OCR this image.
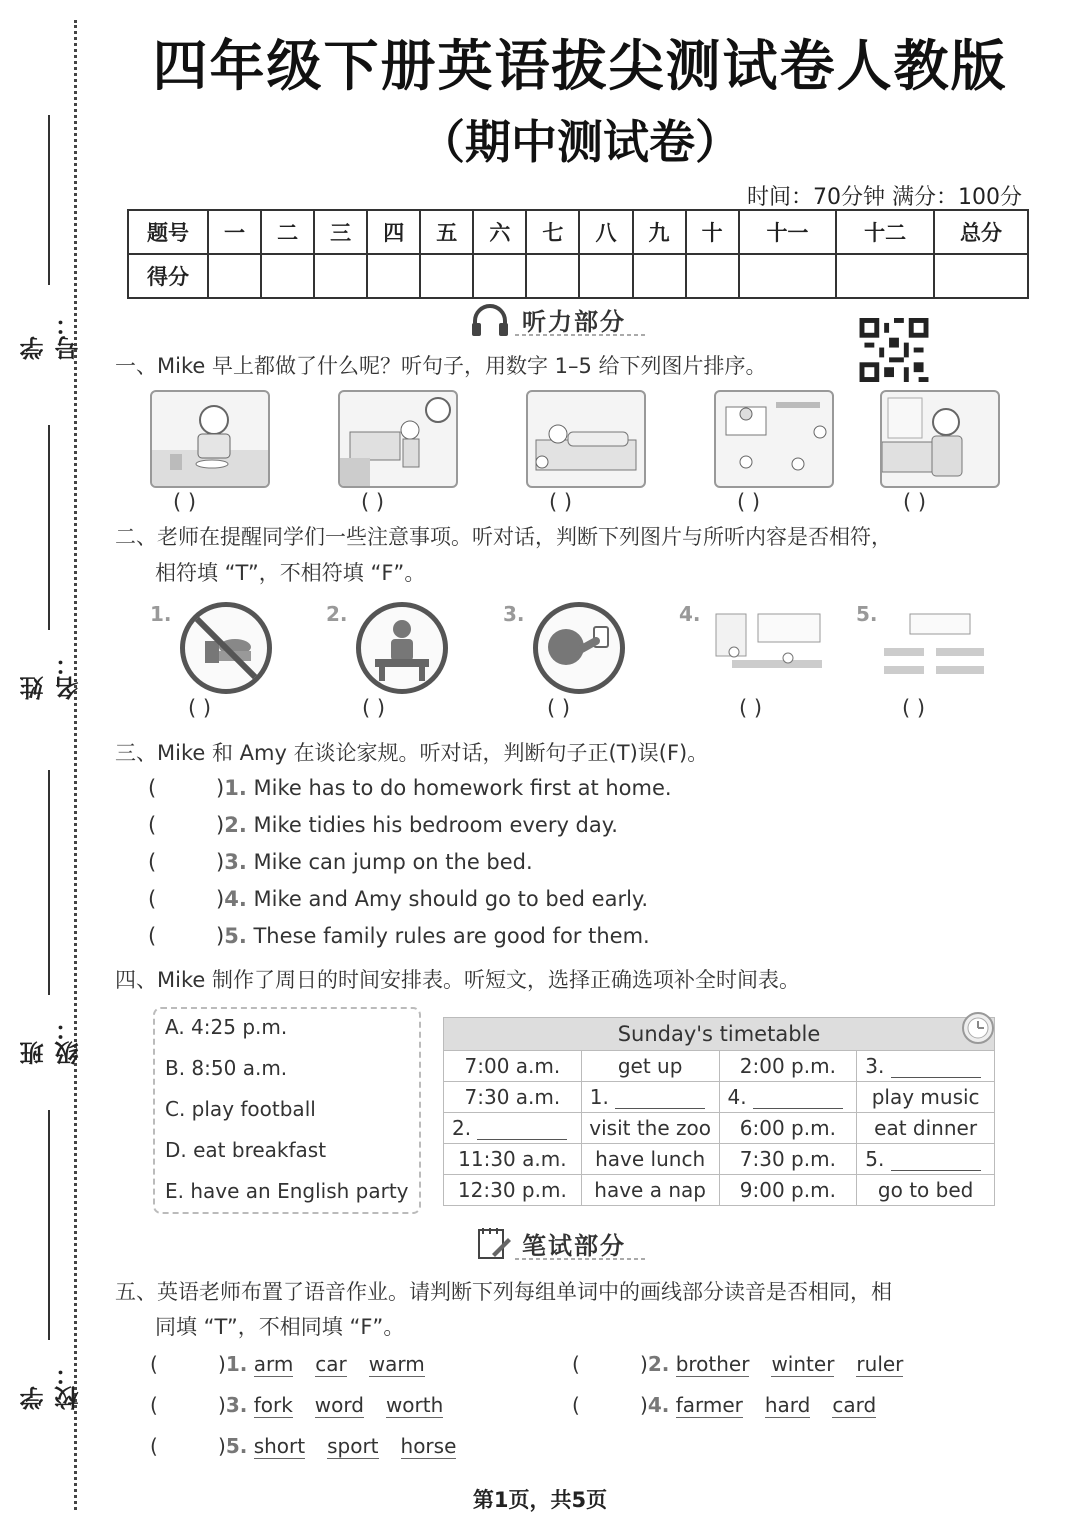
学号：
姓名：
班级：
学校：
四年级下册英语拔尖测试卷人教版
（期中测试卷）
时间：70分钟 满分：100分
题号	一	二	三	四	五	六	七	八	九	十	十一	十二	总分
得分													
听力部分
一、Mike 早上都做了什么呢？听句子，用数字 1–5 给下列图片排序。
( )	( )	( )	( )	( )
二、老师在提醒同学们一些注意事项。听对话，判断下列图片与所听内容是否相符，
相符填 “T”，不相符填 “F”。
1.	2.	3.	4.	5.
( )	( )	( )	( )	( )
三、Mike 和 Amy 在谈论家规。听对话，判断句子正(T)误(F)。
(	)1. Mike has to do homework first at home.
(	)2. Mike tidies his bedroom every day.
(	)3. Mike can jump on the bed.
(	)4. Mike and Amy should go to bed early.
(	)5. These family rules are good for them.
四、Mike 制作了周日的时间安排表。听短文，选择正确选项补全时间表。
A. 4:25 p.m.
B. 8:50 a.m.
C. play football
D. eat breakfast
E. have an English party
Sunday's timetable			
7:00 a.m.	get up	2:00 p.m.	3.
7:30 a.m.	1.	4.	play music
2.	visit the zoo	6:00 p.m.	eat dinner
11:30 a.m.	have lunch	7:30 p.m.	5.
12:30 p.m.	have a nap	9:00 p.m.	go to bed
笔试部分
五、英语老师布置了语音作业。请判断下列每组单词中的画线部分读音是否相同，相
同填 “T”，不相同填 “F”。
(	)1. arm car warm	(	)2. brother winter ruler
(	)3. fork word worth	(	)4. farmer hard card
(	)5. short sport horse
第1页，共5页
